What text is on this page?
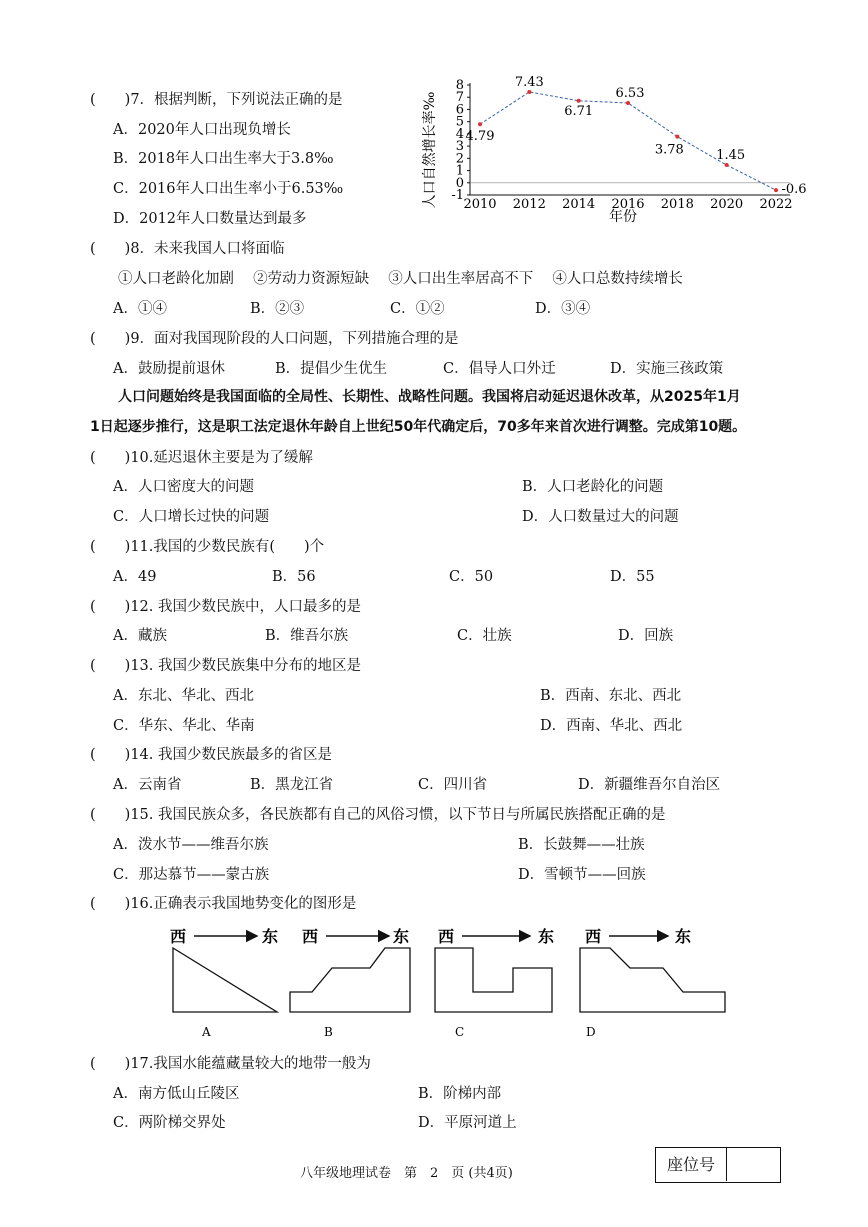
(　　)7．根据判断，下列说法正确的是
A．2020年人口出现负增长
B．2018年人口出生率大于3.8‰
C．2016年人口出生率小于6.53‰
D．2012年人口数量达到最多
8
7
6
5
4
3
2
1
0
-1
2010 2012 2014 2016 2018 2020 2022
4.79
7.43
6.71
6.53
3.78 1.45
-0.6
人口自然增长率‰
年份
(　　)8．未来我国人口将面临
①人口老龄化加剧　 ②劳动力资源短缺　 ③人口出生率居高不下　 ④人口总数持续增长
A．①④	B．②③	C．①②	D．③④
(　　)9．面对我国现阶段的人口问题，下列措施合理的是
A．鼓励提前退休	B．提倡少生优生	C．倡导人口外迁	D．实施三孩政策
人口问题始终是我国面临的全局性、长期性、战略性问题。我国将启动延迟退休改革，从2025年1月
1日起逐步推行，这是职工法定退休年龄自上世纪50年代确定后，70多年来首次进行调整。完成第10题。
(　　)10.延迟退休主要是为了缓解
A．人口密度大的问题	B．人口老龄化的问题
C．人口增长过快的问题	D．人口数量过大的问题
(　　)11.我国的少数民族有(　　)个
A．49	B．56	C．50	D．55
(　　)12. 我国少数民族中，人口最多的是
A．藏族	B．维吾尔族	C．壮族	D．回族
(　　)13. 我国少数民族集中分布的地区是
A．东北、华北、西北	B．西南、东北、西北
C．华东、华北、华南	D．西南、华北、西北
(　　)14. 我国少数民族最多的省区是
A．云南省	B．黑龙江省	C．四川省	D．新疆维吾尔自治区
(　　)15. 我国民族众多，各民族都有自己的风俗习惯，以下节日与所属民族搭配正确的是
A．泼水节——维吾尔族	B．长鼓舞——壮族
C．那达慕节——蒙古族	D．雪顿节——回族
(　　)16.正确表示我国地势变化的图形是
西	东
A
西	东
B
西	东
C
西	东
D
(　　)17.我国水能蕴藏量较大的地带一般为
A．南方低山丘陵区	B．阶梯内部
C．两阶梯交界处	D．平原河道上
八年级地理试卷　第　2　页 (共4页)	座位号
